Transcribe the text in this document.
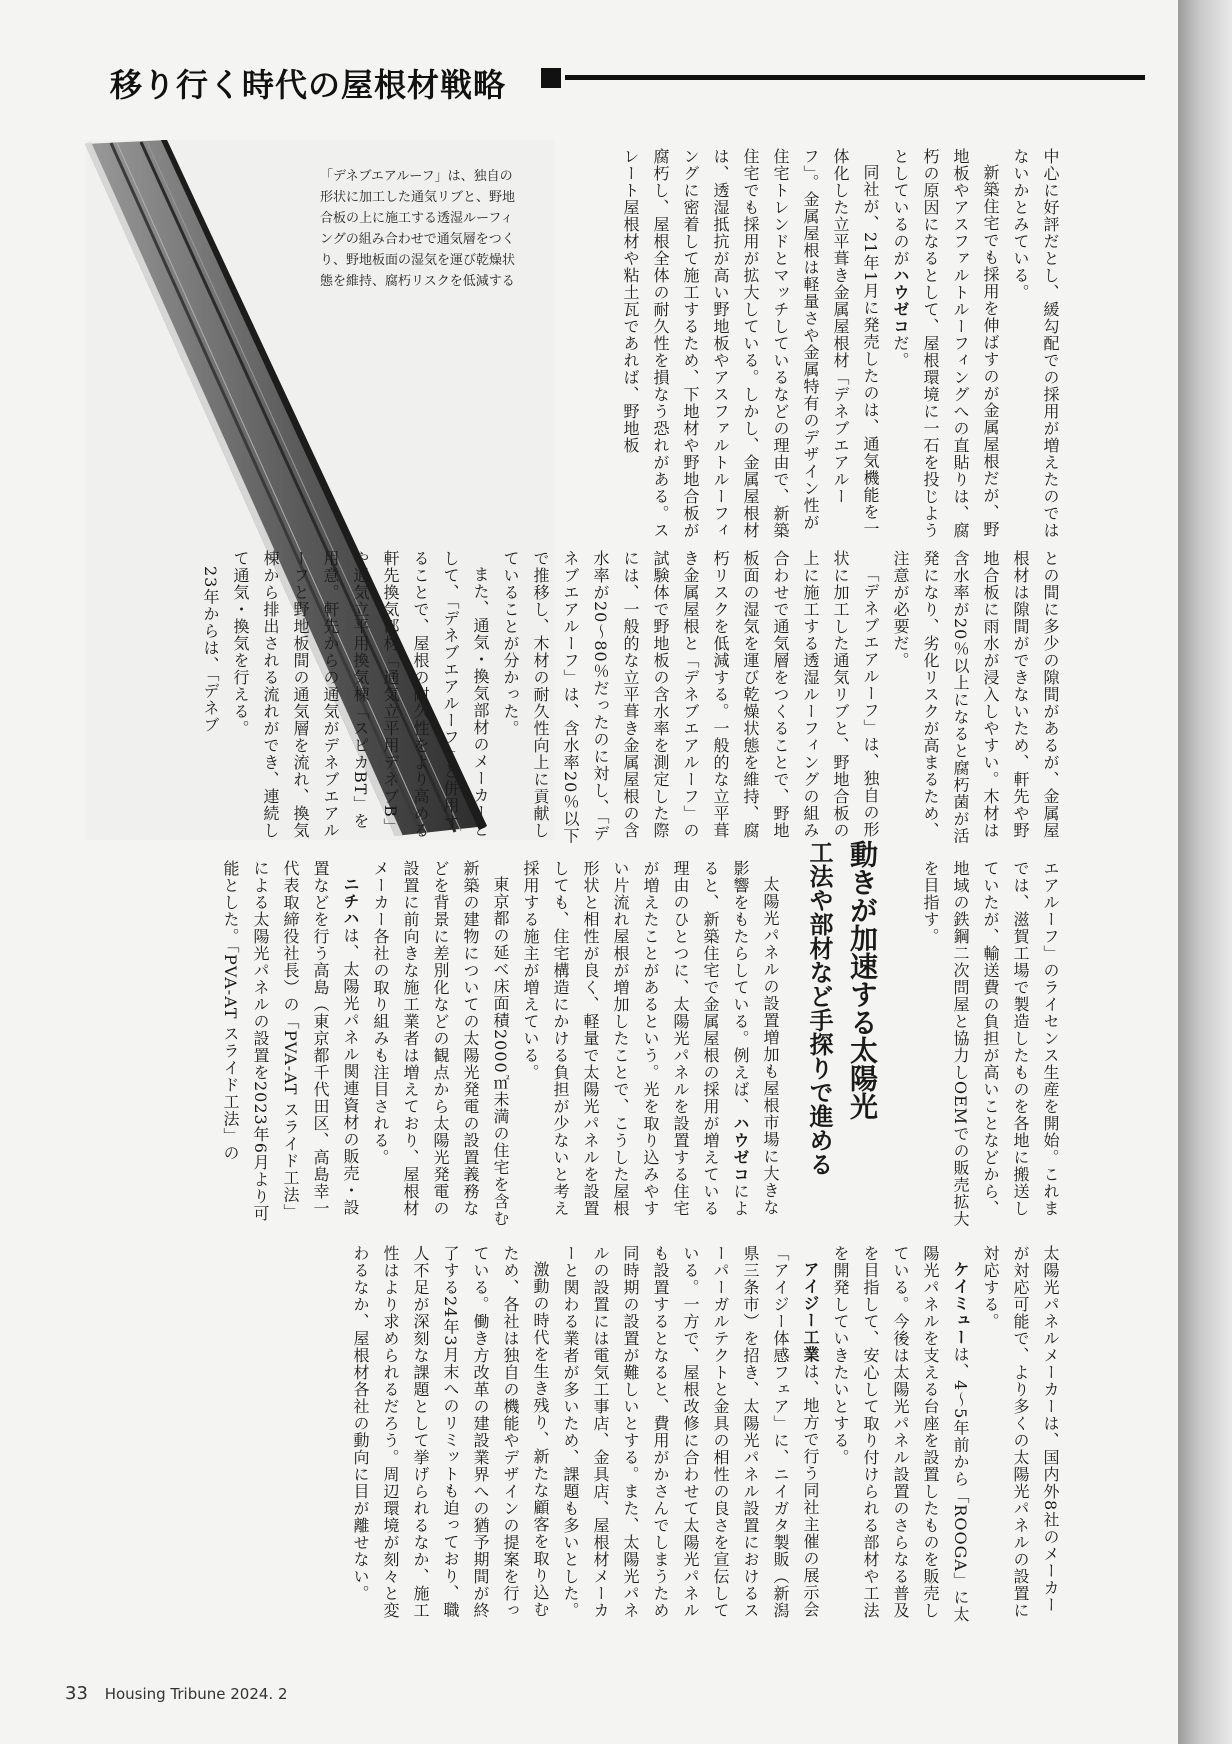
移り行く時代の屋根材戦略
「デネブエアルーフ」は、独自の形状に加工した通気リブと、野地合板の上に施工する透湿ルーフィングの組み合わせで通気層をつくり、野地板面の湿気を運び乾燥状態を維持、腐朽リスクを低減する	中心に好評だとし、緩勾配での採用が増えたのではないかとみている。

新築住宅でも採用を伸ばすのが金属屋根だが、野地板やアスファルトルーフィングへの直貼りは、腐朽の原因になるとして、屋根環境に一石を投じようとしているのがハウゼコだ。

同社が、21年1月に発売したのは、通気機能を一体化した立平葺き金属屋根材「デネブエアルーフ」。金属屋根は軽量さや金属特有のデザイン性が住宅トレンドとマッチしているなどの理由で、新築住宅でも採用が拡大している。しかし、金属屋根材は、透湿抵抗が高い野地板やアスファルトルーフィングに密着して施工するため、下地材や野地合板が腐朽し、屋根全体の耐久性を損なう恐れがある。スレート屋根材や粘土瓦であれば、野地板

との間に多少の隙間があるが、金属屋根材は隙間ができないため、軒先や野地合板に雨水が浸入しやすい。木材は含水率が20％以上になると腐朽菌が活発になり、劣化リスクが高まるため、注意が必要だ。

「デネブエアルーフ」は、独自の形状に加工した通気リブと、野地合板の上に施工する透湿ルーフィングの組み合わせで通気層をつくることで、野地板面の湿気を運び乾燥状態を維持、腐朽リスクを低減する。一般的な立平葺き金属屋根と「デネブエアルーフ」の試験体で野地板の含水率を測定した際には、一般的な立平葺き金属屋根の含水率が20～80％だったのに対し、「デネブエアルーフ」は、含水率20％以下で推移し、木材の耐久性向上に貢献していることが分かった。

また、通気・換気部材のメーカーとして、「デネブエアルーフ」と併用することで、屋根の耐久性をより高める軒先換気部材「通気立平用デネブB」や通気立平用換気棟「スピカBT」を用意。軒先からの通気がデネブエアルーフと野地板間の通気層を流れ、換気棟から排出される流れができ、連続して通気・換気を行える。

23年からは、「デネブ

エアルーフ」のライセンス生産を開始。これまでは、滋賀工場で製造したものを各地に搬送していたが、輸送費の負担が高いことなどから、地域の鉄鋼二次問屋と協力しOEMでの販売拡大を目指す。

動きが加速する太陽光
工法や部材など手探りで進める

太陽光パネルの設置増加も屋根市場に大きな影響をもたらしている。例えば、ハウゼコによると、新築住宅で金属屋根の採用が増えている理由のひとつに、太陽光パネルを設置する住宅が増えたことがあるという。光を取り込みやすい片流れ屋根が増加したことで、こうした屋根形状と相性が良く、軽量で太陽光パネルを設置しても、住宅構造にかける負担が少ないと考え採用する施主が増えている。

東京都の延べ床面積2000㎡未満の住宅を含む新築の建物についての太陽光発電の設置義務などを背景に差別化などの観点から太陽光発電の設置に前向きな施工業者は増えており、屋根材メーカー各社の取り組みも注目される。

ニチハは、太陽光パネル関連資材の販売・設置などを行う高島（東京都千代田区、高島幸一代表取締役社長）の「PVA-AT スライド工法」による太陽光パネルの設置を2023年6月より可能とした。「PVA-AT スライド工法」の

太陽光パネルメーカーは、国内外8社のメーカーが対応可能で、より多くの太陽光パネルの設置に対応する。

ケイミューは、4～5年前から「ROOGA」に太陽光パネルを支える台座を設置したものを販売している。今後は太陽光パネル設置のさらなる普及を目指して、安心して取り付けられる部材や工法を開発していきたいとする。

アイジー工業は、地方で行う同社主催の展示会「アイジー体感フェア」に、ニイガタ製販（新潟県三条市）を招き、太陽光パネル設置におけるスーパーガルテクトと金具の相性の良さを宣伝している。一方で、屋根改修に合わせて太陽光パネルも設置するとなると、費用がかさんでしまうため同時期の設置が難しいとする。また、太陽光パネルの設置には電気工事店、金具店、屋根材メーカーと関わる業者が多いため、課題も多いとした。

激動の時代を生き残り、新たな顧客を取り込むため、各社は独自の機能やデザインの提案を行っている。働き方改革の建設業界への猶予期間が終了する24年3月末へのリミットも迫っており、職人不足が深刻な課題として挙げられるなか、施工性はより求められるだろう。周辺環境が刻々と変わるなか、屋根材各社の動向に目が離せない。

33 Housing Tribune 2024. 2
